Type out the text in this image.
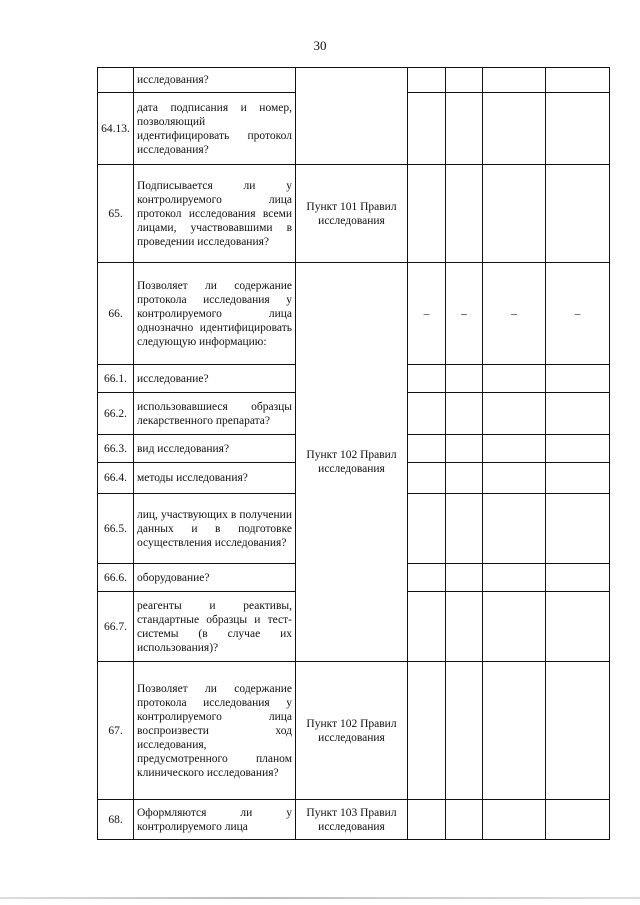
30
	исследования?					
64.13.	дата подписания и номер, позволяющий идентифицировать протокол исследования?					
65.	Подписывается ли у контролируемого лица протокол исследования всеми лицами, участвовавшими в проведении исследования?	Пункт 101 Правил исследования				
66.	Позволяет ли содержание протокола исследования у контролируемого лица однозначно идентифицировать следующую информацию:	Пункт 102 Правил исследования	–	–	–	–
66.1.	исследование?					
66.2.	использовавшиеся образцы лекарственного препарата?					
66.3.	вид исследования?					
66.4.	методы исследования?					
66.5.	лиц, участвующих в получении данных и в подготовке осуществления исследования?					
66.6.	оборудование?					
66.7.	реагенты и реактивы, стандартные образцы и тест-системы (в случае их использования)?					
67.	Позволяет ли содержание протокола исследования у контролируемого лица воспроизвести ход исследования, предусмотренного планом клинического исследования?	Пункт 102 Правил исследования				
68.	Оформляются ли у контролируемого лица	Пункт 103 Правил исследования				
